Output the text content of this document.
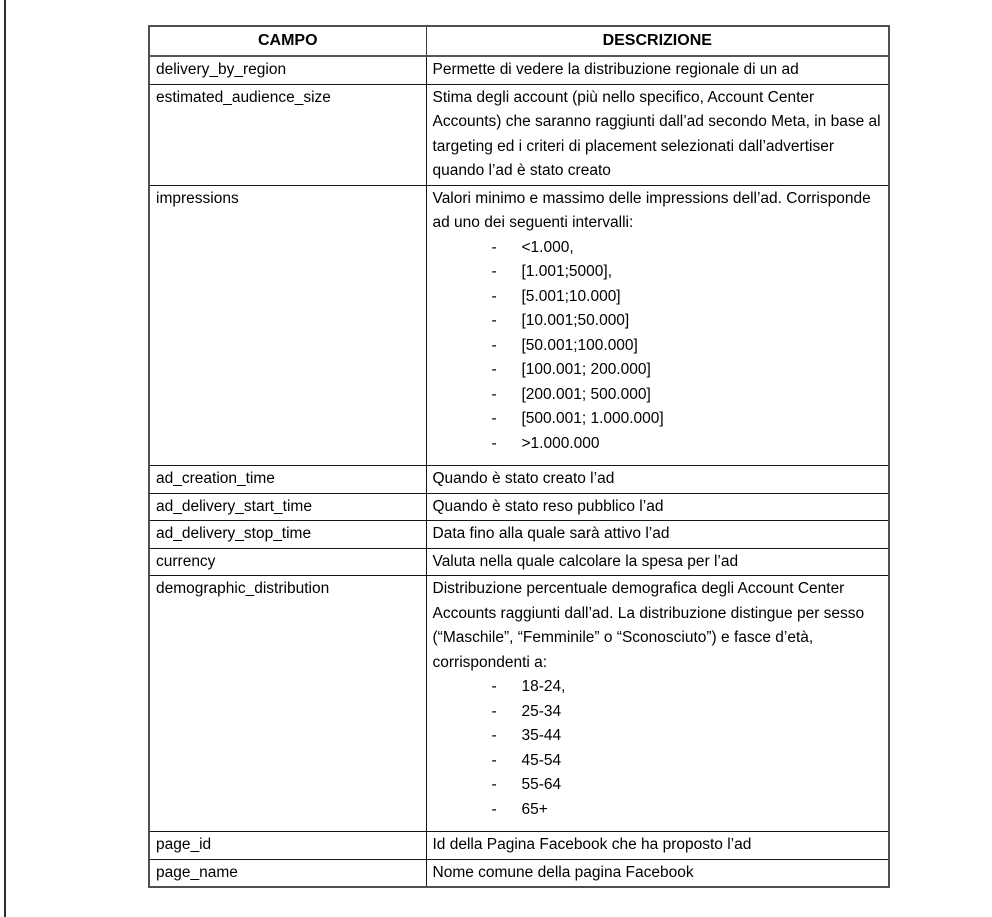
CAMPO	DESCRIZIONE
delivery_by_region	Permette di vedere la distribuzione regionale di un ad

estimated_audience_size	Stima degli account (più nello specifico, Account Center Accounts) che saranno raggiunti dall’ad secondo Meta, in base al targeting ed i criteri di placement selezionati dall’advertiser quando l’ad è stato creato

impressions	Valori minimo e massimo delle impressions dell’ad. Corrisponde ad uno dei seguenti intervalli:
- <1.000,
- [1.001;5000],
- [5.001;10.000]
- [10.001;50.000]
- [50.001;100.000]
- [100.001; 200.000]
- [200.001; 500.000]
- [500.001; 1.000.000]
- >1.000.000

ad_creation_time	Quando è stato creato l’ad

ad_delivery_start_time	Quando è stato reso pubblico l’ad

ad_delivery_stop_time	Data fino alla quale sarà attivo l’ad

currency	Valuta nella quale calcolare la spesa per l’ad

demographic_distribution	Distribuzione percentuale demografica degli Account Center Accounts raggiunti dall’ad. La distribuzione distingue per sesso (“Maschile”, “Femminile” o “Sconosciuto”) e fasce d’età, corrispondenti a:
- 18-24,
- 25-34
- 35-44
- 45-54
- 55-64
- 65+

page_id	Id della Pagina Facebook che ha proposto l’ad

page_name	Nome comune della pagina Facebook
